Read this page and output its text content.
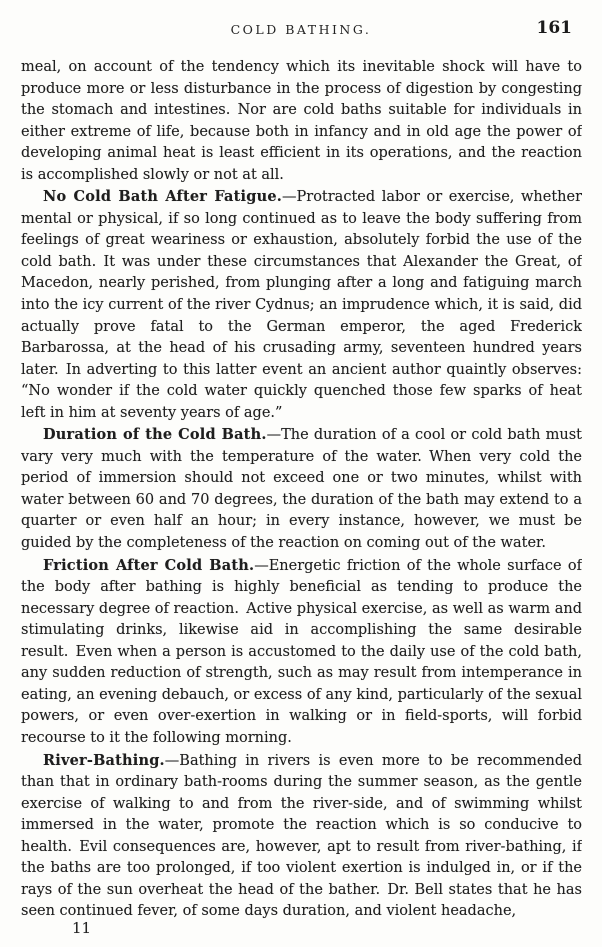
COLD BATHING.	161

meal, on account of the tendency which its inevitable shock will have to produce more or less disturbance in the process of digestion by congesting the stomach and intestines. Nor are cold baths suitable for individuals in either extreme of life, because both in infancy and in old age the power of developing animal heat is least efficient in its operations, and the reaction is accomplished slowly or not at all.

No Cold Bath After Fatigue.—Protracted labor or exercise, whether mental or physical, if so long continued as to leave the body suffering from feelings of great weariness or exhaustion, absolutely forbid the use of the cold bath. It was under these circumstances that Alexander the Great, of Macedon, nearly perished, from plunging after a long and fatiguing march into the icy current of the river Cydnus; an imprudence which, it is said, did actually prove fatal to the German emperor, the aged Frederick Barbarossa, at the head of his crusading army, seventeen hundred years later. In adverting to this latter event an ancient author quaintly observes: “No wonder if the cold water quickly quenched those few sparks of heat left in him at seventy years of age.”

Duration of the Cold Bath.—The duration of a cool or cold bath must vary very much with the temperature of the water. When very cold the period of immersion should not exceed one or two minutes, whilst with water between 60 and 70 degrees, the duration of the bath may extend to a quarter or even half an hour; in every instance, however, we must be guided by the completeness of the reaction on coming out of the water.

Friction After Cold Bath.—Energetic friction of the whole surface of the body after bathing is highly beneficial as tending to produce the necessary degree of reaction. Active physical exercise, as well as warm and stimulating drinks, likewise aid in accomplishing the same desirable result. Even when a person is accustomed to the daily use of the cold bath, any sudden reduction of strength, such as may result from intemperance in eating, an evening debauch, or excess of any kind, particularly of the sexual powers, or even over-exertion in walking or in field-sports, will forbid recourse to it the following morning.

River-Bathing.—Bathing in rivers is even more to be recommended than that in ordinary bath-rooms during the summer season, as the gentle exercise of walking to and from the river-side, and of swimming whilst immersed in the water, promote the reaction which is so conducive to health. Evil consequences are, however, apt to result from river-bathing, if the baths are too prolonged, if too violent exertion is indulged in, or if the rays of the sun overheat the head of the bather. Dr. Bell states that he has seen continued fever, of some days duration, and violent headache,

11
